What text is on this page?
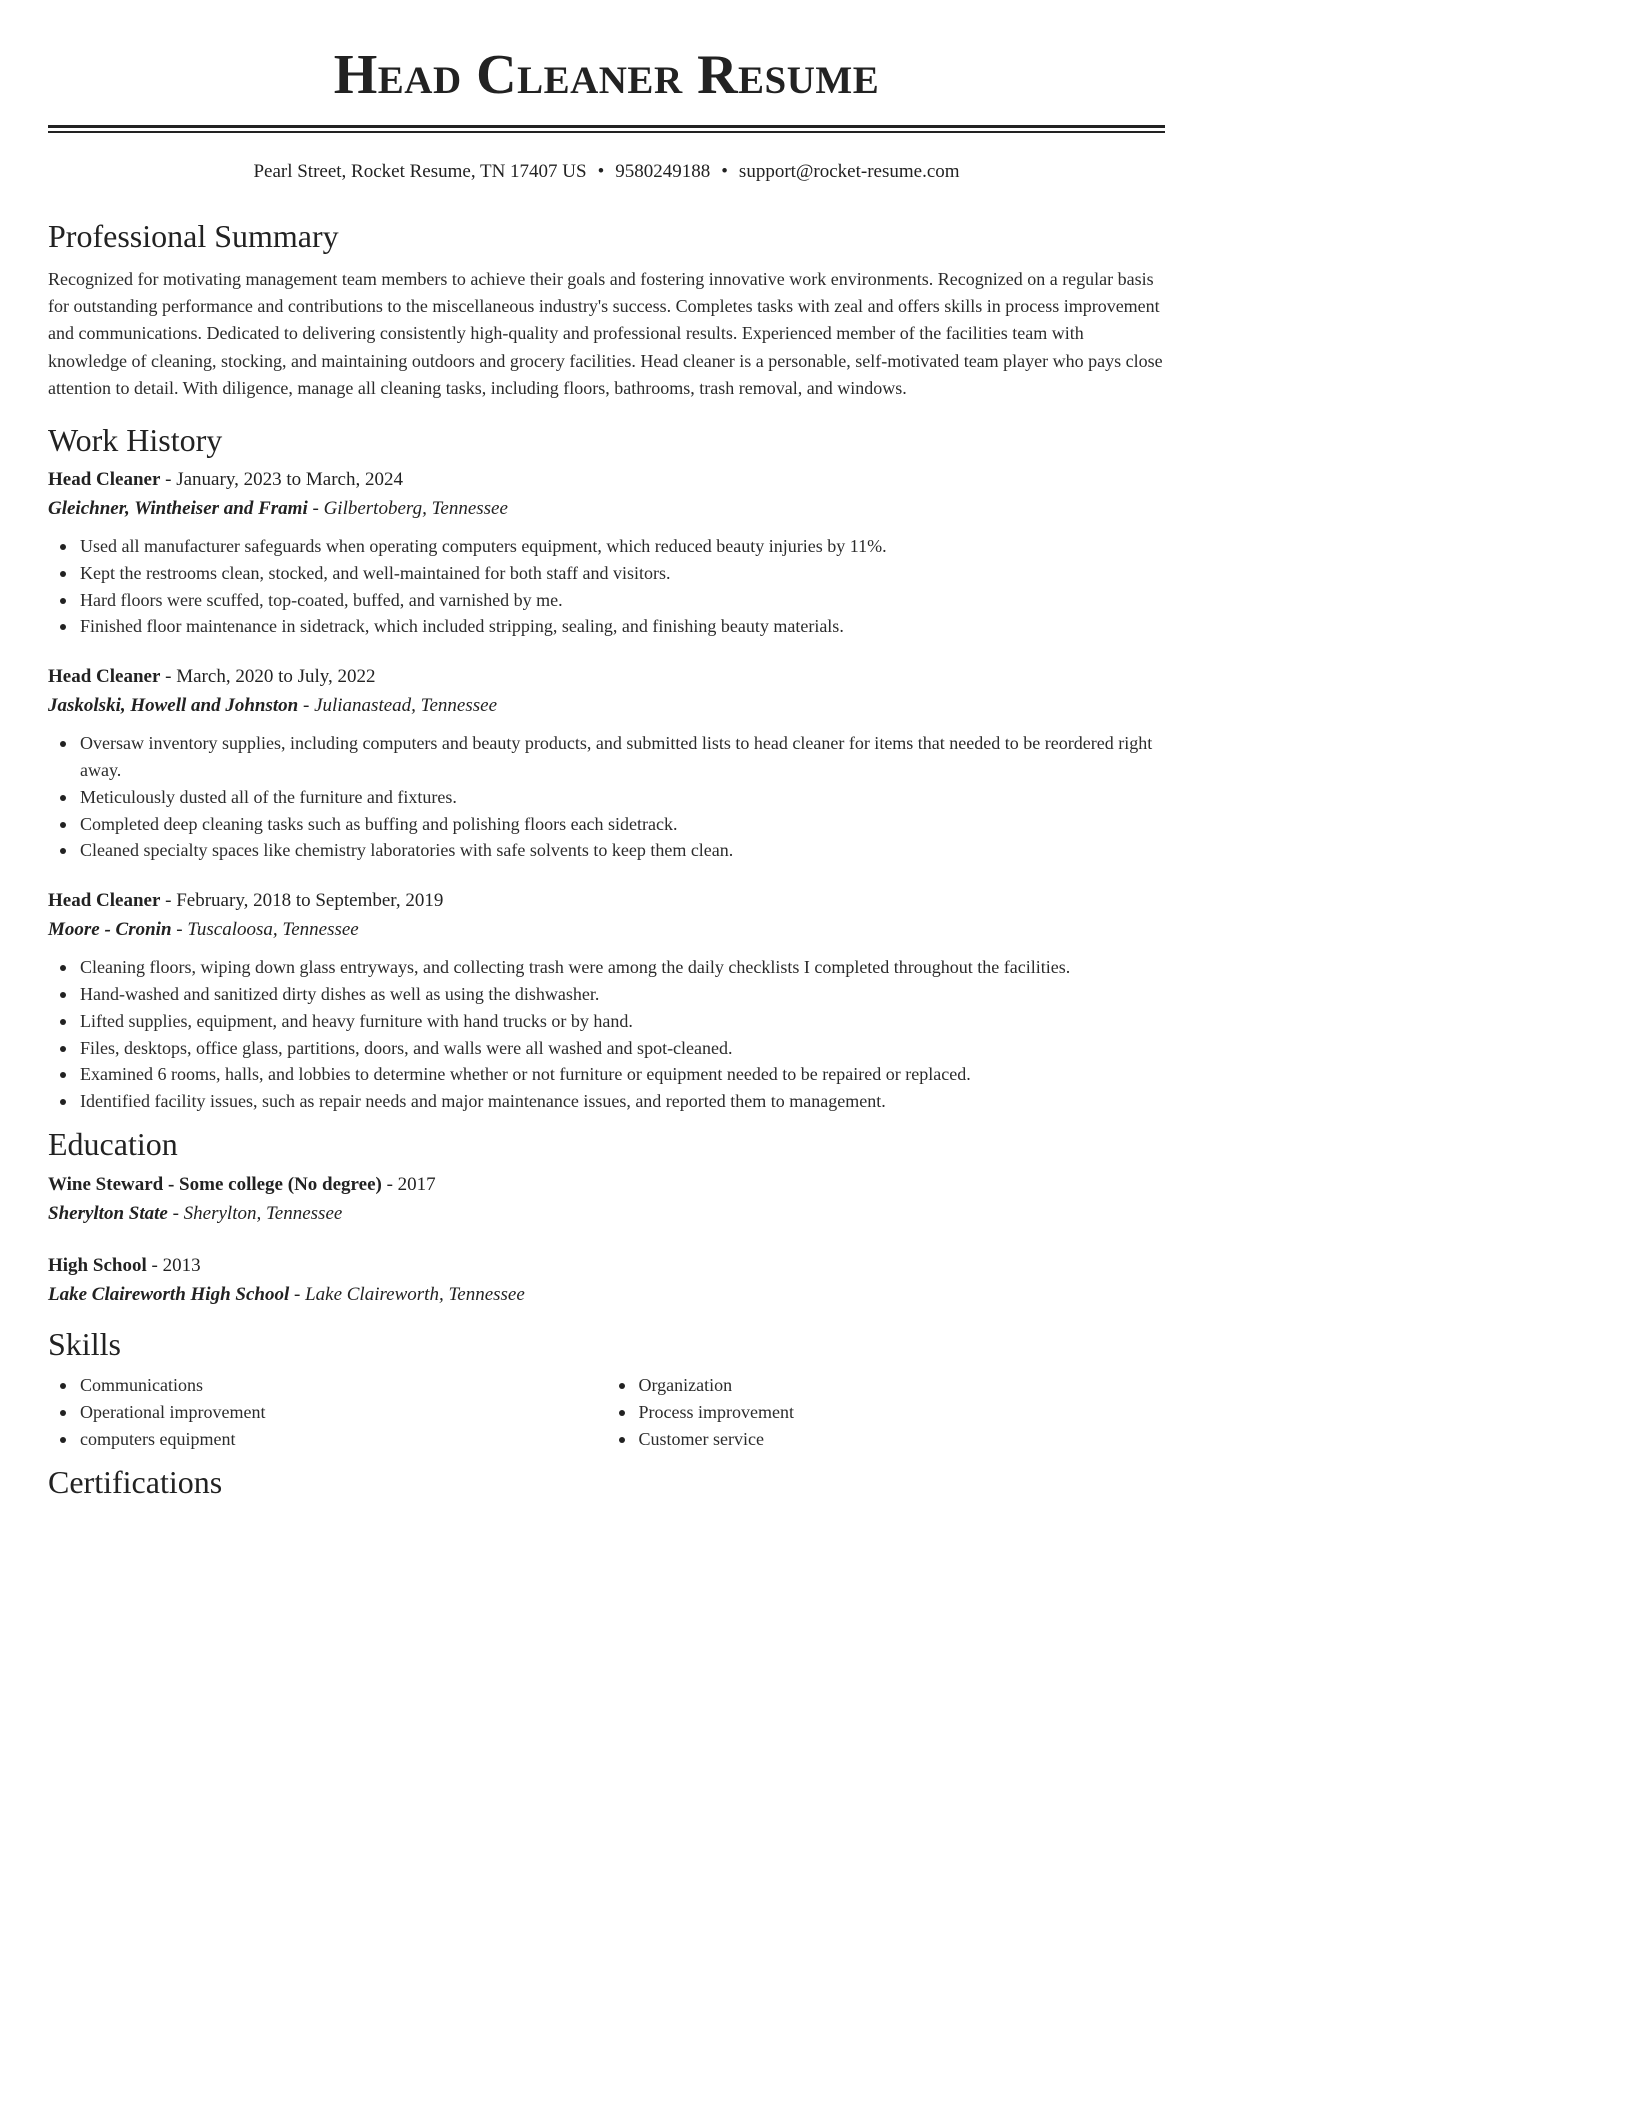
Head Cleaner Resume
Pearl Street, Rocket Resume, TN 17407 US • 9580249188 • support@rocket-resume.com
Professional Summary

Recognized for motivating management team members to achieve their goals and fostering innovative work environments. Recognized on a regular basis for outstanding performance and contributions to the miscellaneous industry's success. Completes tasks with zeal and offers skills in process improvement and communications. Dedicated to delivering consistently high-quality and professional results. Experienced member of the facilities team with knowledge of cleaning, stocking, and maintaining outdoors and grocery facilities. Head cleaner is a personable, self-motivated team player who pays close attention to detail. With diligence, manage all cleaning tasks, including floors, bathrooms, trash removal, and windows.

Work History
Head Cleaner - January, 2023 to March, 2024
Gleichner, Wintheiser and Frami - Gilbertoberg, Tennessee
Used all manufacturer safeguards when operating computers equipment, which reduced beauty injuries by 11%.
Kept the restrooms clean, stocked, and well-maintained for both staff and visitors.
Hard floors were scuffed, top-coated, buffed, and varnished by me.
Finished floor maintenance in sidetrack, which included stripping, sealing, and finishing beauty materials.
Head Cleaner - March, 2020 to July, 2022
Jaskolski, Howell and Johnston - Julianastead, Tennessee
Oversaw inventory supplies, including computers and beauty products, and submitted lists to head cleaner for items that needed to be reordered right away.
Meticulously dusted all of the furniture and fixtures.
Completed deep cleaning tasks such as buffing and polishing floors each sidetrack.
Cleaned specialty spaces like chemistry laboratories with safe solvents to keep them clean.
Head Cleaner - February, 2018 to September, 2019
Moore - Cronin - Tuscaloosa, Tennessee
Cleaning floors, wiping down glass entryways, and collecting trash were among the daily checklists I completed throughout the facilities.
Hand-washed and sanitized dirty dishes as well as using the dishwasher.
Lifted supplies, equipment, and heavy furniture with hand trucks or by hand.
Files, desktops, office glass, partitions, doors, and walls were all washed and spot-cleaned.
Examined 6 rooms, halls, and lobbies to determine whether or not furniture or equipment needed to be repaired or replaced.
Identified facility issues, such as repair needs and major maintenance issues, and reported them to management.
Education
Wine Steward - Some college (No degree) - 2017
Sherylton State - Sherylton, Tennessee
High School - 2013
Lake Claireworth High School - Lake Claireworth, Tennessee
Skills
Communications
Operational improvement
computers equipment
Organization
Process improvement
Customer service
Certifications
